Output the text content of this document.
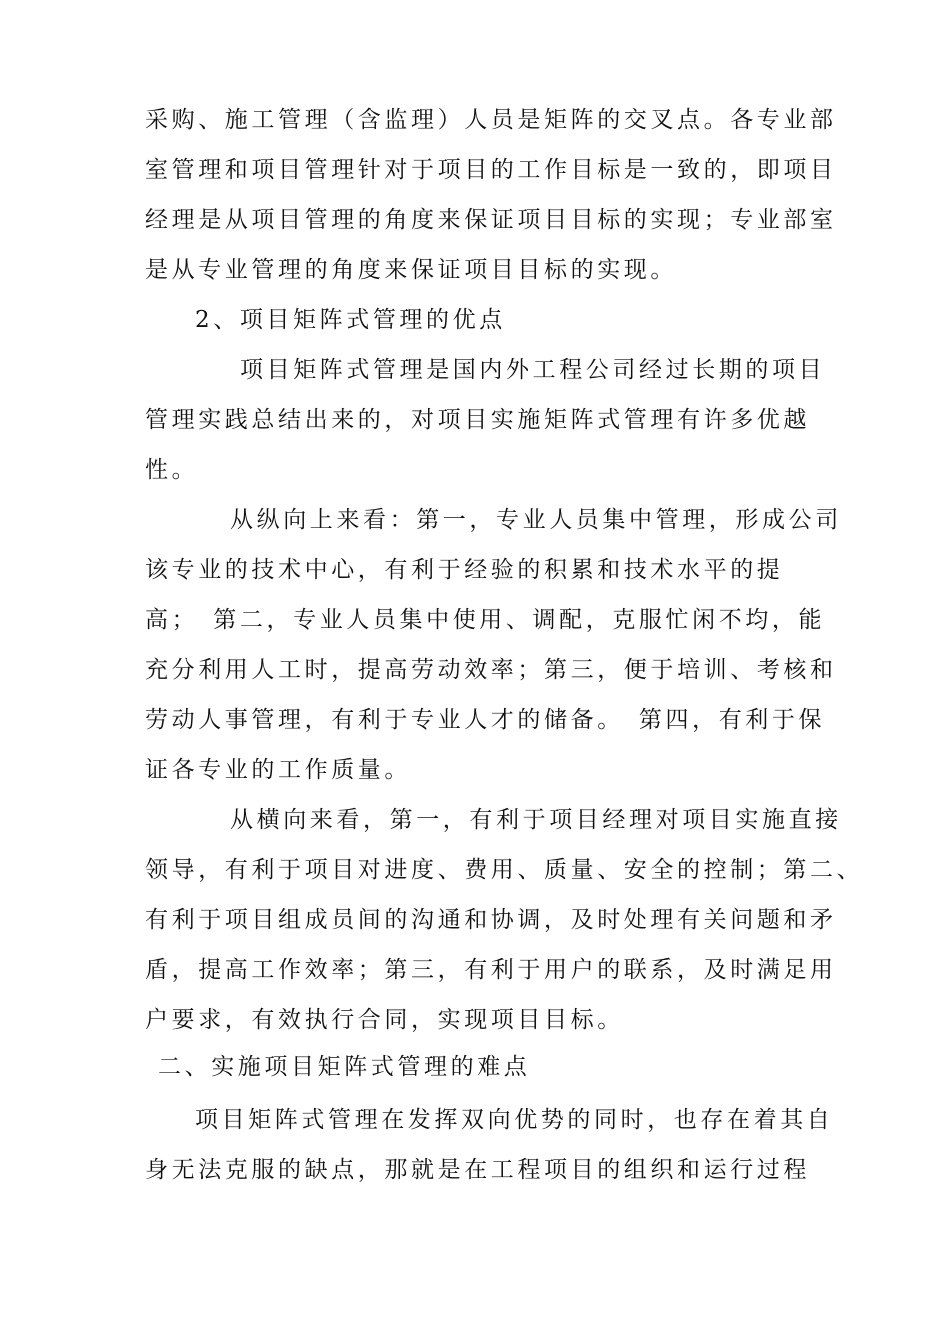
采购、施工管理（含监理）人员是矩阵的交叉点。各专业部
室管理和项目管理针对于项目的工作目标是一致的，即项目
经理是从项目管理的角度来保证项目目标的实现；专业部室
是从专业管理的角度来保证项目目标的实现。
2、项目矩阵式管理的优点
项目矩阵式管理是国内外工程公司经过长期的项目
管理实践总结出来的，对项目实施矩阵式管理有许多优越
性。
从纵向上来看：第一，专业人员集中管理，形成公司
该专业的技术中心，有利于经验的积累和技术水平的提
高；　第二，专业人员集中使用、调配，克服忙闲不均，能
充分利用人工时，提高劳动效率；第三，便于培训、考核和
劳动人事管理，有利于专业人才的储备。　第四，有利于保
证各专业的工作质量。
从横向来看，第一，有利于项目经理对项目实施直接
领导，有利于项目对进度、费用、质量、安全的控制；第二、
有利于项目组成员间的沟通和协调，及时处理有关问题和矛
盾，提高工作效率；第三，有利于用户的联系，及时满足用
户要求，有效执行合同，实现项目目标。
二、实施项目矩阵式管理的难点
项目矩阵式管理在发挥双向优势的同时，也存在着其自
身无法克服的缺点，那就是在工程项目的组织和运行过程
